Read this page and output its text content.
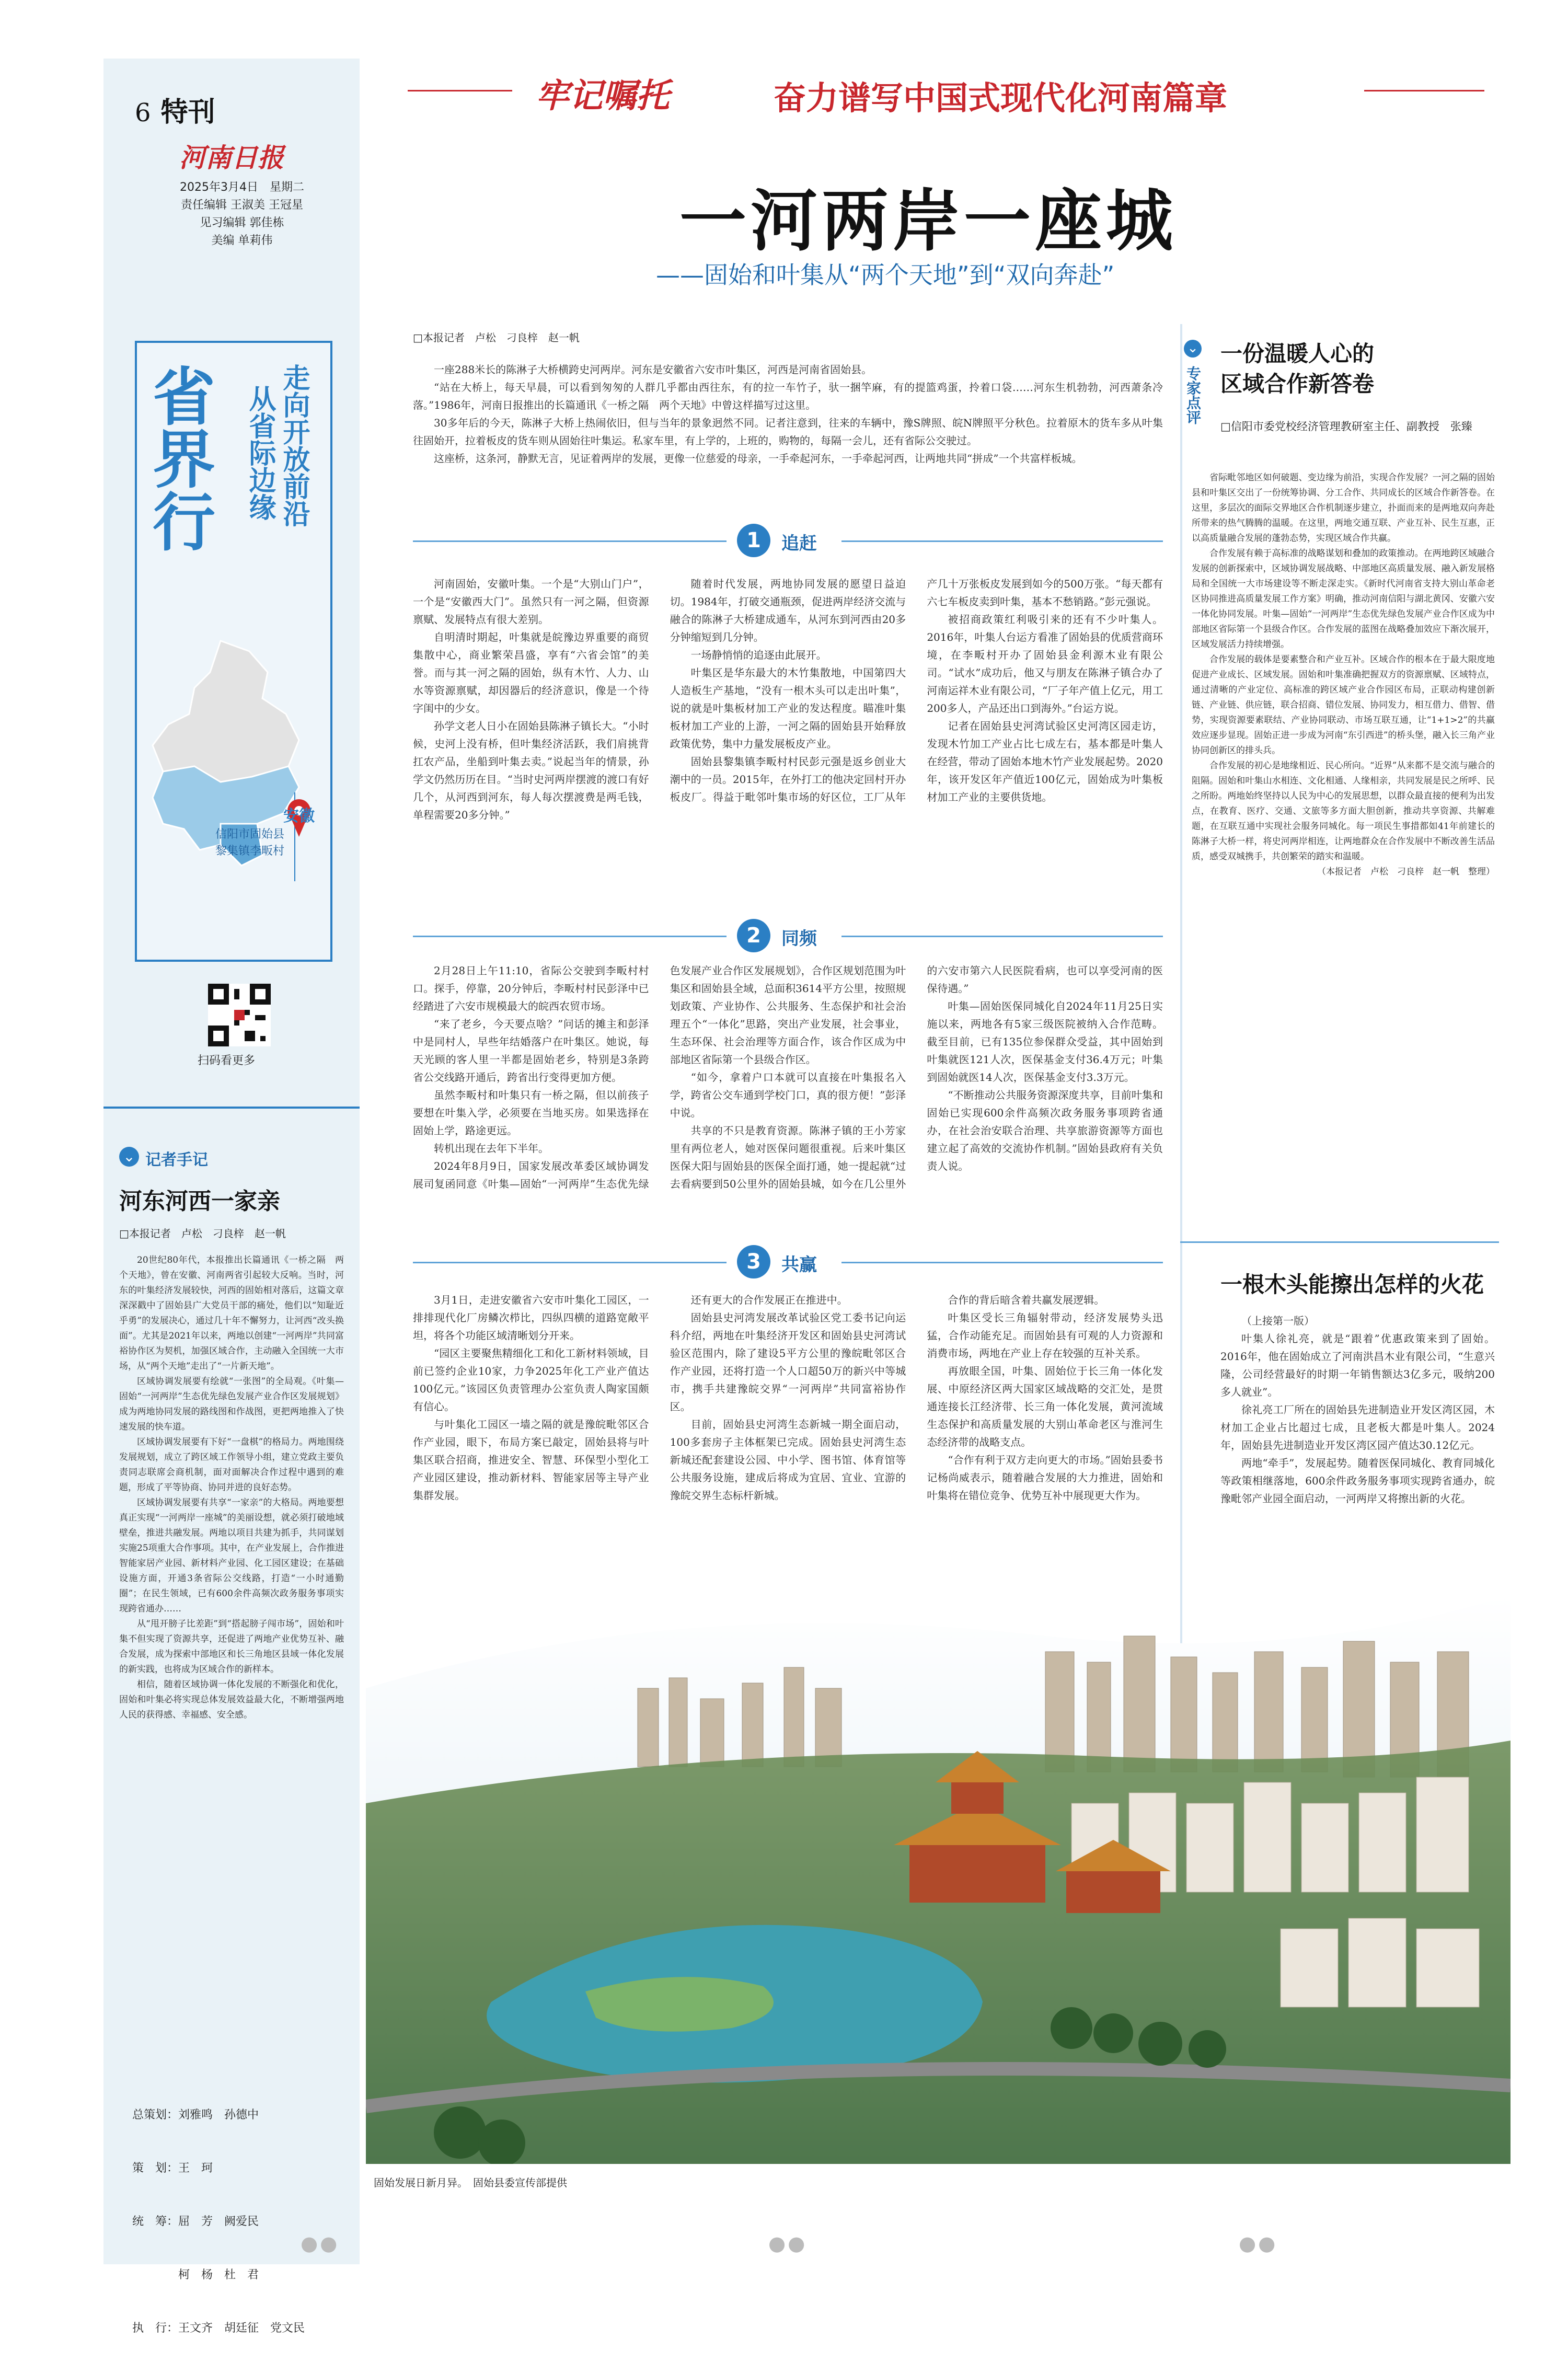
6 特刊
河南日报
2025年3月4日　星期二
责任编辑 王淑美 王冠星
见习编辑 郭佳栋
美编 单莉伟
省界行 走向开放前沿
从省际边缘
安徽
信阳市固始县
黎集镇李畈村
扫码看更多
⌄ 记者手记
河东河西一家亲
□本报记者　卢松　刁良梓　赵一帆

20世纪80年代，本报推出长篇通讯《一桥之隔　两个天地》，曾在安徽、河南两省引起较大反响。当时，河东的叶集经济发展较快，河西的固始相对落后，这篇文章深深戳中了固始县广大党员干部的痛处，他们以“知耻近乎勇”的发展决心，通过几十年不懈努力，让河西“改头换面”。尤其是2021年以来，两地以创建“一河两岸”共同富裕协作区为契机，加强区域合作，主动融入全国统一大市场，从“两个天地”走出了“一片新天地”。

区域协调发展要有绘就“一张图”的全局观。《叶集—固始“一河两岸”生态优先绿色发展产业合作区发展规划》成为两地协同发展的路线图和作战图，更把两地推入了快速发展的快车道。

区域协调发展要有下好“一盘棋”的格局力。两地围绕发展规划，成立了跨区域工作领导小组，建立党政主要负责同志联席会商机制，面对面解决合作过程中遇到的难题，形成了平等协商、协同并进的良好态势。

区域协调发展要有共享“一家亲”的大格局。两地要想真正实现“一河两岸一座城”的美丽设想，就必须打破地域壁垒，推进共融发展。两地以项目共建为抓手，共同谋划实施25项重大合作事项。其中，在产业发展上，合作推进智能家居产业园、新材料产业园、化工园区建设；在基础设施方面，开通3条省际公交线路，打造“一小时通勤圈”；在民生领域，已有600余件高频次政务服务事项实现跨省通办……

从“甩开膀子比差距”到“搭起膀子闯市场”，固始和叶集不但实现了资源共享，还促进了两地产业优势互补、融合发展，成为探索中部地区和长三角地区县域一体化发展的新实践，也将成为区域合作的新样本。

相信，随着区域协调一体化发展的不断强化和优化，固始和叶集必将实现总体发展效益最大化，不断增强两地人民的获得感、幸福感、安全感。

总策划：刘雅鸣　孙德中

策　划：王　珂

统　筹：屈　芳　阙爱民

　　　　柯　杨　杜　君

执　行：王文齐　胡廷征　党文民

牢记嘱托	奋力谱写中国式现代化河南篇章
一河两岸一座城
——固始和叶集从“两个天地”到“双向奔赴”
□本报记者　卢松　刁良梓　赵一帆

一座288米长的陈淋子大桥横跨史河两岸。河东是安徽省六安市叶集区，河西是河南省固始县。

“站在大桥上，每天早晨，可以看到匆匆的人群几乎都由西往东，有的拉一车竹子，驮一捆竿麻，有的提篮鸡蛋，拎着口袋……河东生机勃勃，河西萧条冷落。”1986年，河南日报推出的长篇通讯《一桥之隔　两个天地》中曾这样描写过这里。

30多年后的今天，陈淋子大桥上热闹依旧，但与当年的景象迥然不同。记者注意到，往来的车辆中，豫S牌照、皖N牌照平分秋色。拉着原木的货车多从叶集往固始开，拉着板皮的货车则从固始往叶集运。私家车里，有上学的，上班的，购物的，每隔一会儿，还有省际公交驶过。

这座桥，这条河，静默无言，见证着两岸的发展，更像一位慈爱的母亲，一手牵起河东，一手牵起河西，让两地共同“拼成”一个共富样板城。

1	追赶

河南固始，安徽叶集。一个是“大别山门户”，一个是“安徽西大门”。虽然只有一河之隔，但资源禀赋、发展特点有很大差别。

自明清时期起，叶集就是皖豫边界重要的商贸集散中心，商业繁荣昌盛，享有“六省会馆”的美誉。而与其一河之隔的固始，纵有木竹、人力、山水等资源禀赋，却因器后的经济意识，像是一个待字闺中的少女。

孙学文老人日小在固始县陈淋子镇长大。“小时候，史河上没有桥，但叶集经济活跃，我们肩挑背扛农产品，坐船到叶集去卖。”说起当年的情景，孙学文仍然历历在目。“当时史河两岸摆渡的渡口有好几个，从河西到河东，每人每次摆渡费是两毛钱，单程需要20多分钟。”

随着时代发展，两地协同发展的愿望日益迫切。1984年，打破交通瓶颈，促进两岸经济交流与融合的陈淋子大桥建成通车，从河东到河西由20多分钟缩短到几分钟。

一场静悄悄的追逐由此展开。

叶集区是华东最大的木竹集散地，中国第四大人造板生产基地，“没有一根木头可以走出叶集”，说的就是叶集板材加工产业的发达程度。瞄准叶集板材加工产业的上游，一河之隔的固始县开始释放政策优势，集中力量发展板皮产业。

固始县黎集镇李畈村村民彭元强是返乡创业大潮中的一员。2015年，在外打工的他决定回村开办板皮厂。得益于毗邻叶集市场的好区位，工厂从年产几十万张板皮发展到如今的500万张。“每天都有六七车板皮卖到叶集，基本不愁销路。”彭元强说。

被招商政策红利吸引来的还有不少叶集人。2016年，叶集人台运方看准了固始县的优质营商环境，在李畈村开办了固始县金利源木业有限公司。“试水”成功后，他又与朋友在陈淋子镇合办了河南运祥木业有限公司，“厂子年产值上亿元，用工200多人，产品还出口到海外。”台运方说。

记者在固始县史河湾试验区史河湾区园走访，发现木竹加工产业占比七成左右，基本都是叶集人在经营，带动了固始本地木竹产业发展起势。2020年，该开发区年产值近100亿元，固始成为叶集板材加工产业的主要供货地。

2	同频

2月28日上午11:10，省际公交驶到李畈村村口。探手，停靠，20分钟后，李畈村村民彭泽中已经踏进了六安市规模最大的皖西农贸市场。

“来了老乡，今天要点啥？”问话的摊主和彭泽中是同村人，早些年结婚落户在叶集区。她说，每天光顾的客人里一半都是固始老乡，特别是3条跨省公交线路开通后，跨省出行变得更加方便。

虽然李畈村和叶集只有一桥之隔，但以前孩子要想在叶集入学，必须要在当地买房。如果选择在固始上学，路途更远。

转机出现在去年下半年。

2024年8月9日，国家发展改革委区域协调发展司复函同意《叶集—固始“一河两岸”生态优先绿色发展产业合作区发展规划》，合作区规划范围为叶集区和固始县全域，总面积3614平方公里，按照规划政策、产业协作、公共服务、生态保护和社会治理五个“一体化”思路，突出产业发展，社会事业，生态环保、社会治理等方面合作，该合作区成为中部地区省际第一个县级合作区。

“如今，拿着户口本就可以直接在叶集报名入学，跨省公交车通到学校门口，真的很方便！”彭泽中说。

共享的不只是教育资源。陈淋子镇的王小芳家里有两位老人，她对医保问题很重视。后来叶集区医保大阳与固始县的医保全面打通，她一提起就“过去看病要到50公里外的固始县城，如今在几公里外的六安市第六人民医院看病，也可以享受河南的医保待遇。”

叶集—固始医保同城化自2024年11月25日实施以来，两地各有5家三级医院被纳入合作范畴。截至目前，已有135位参保群众受益，其中固始到叶集就医121人次，医保基金支付36.4万元；叶集到固始就医14人次，医保基金支付3.3万元。

“不断推动公共服务资源深度共享，目前叶集和固始已实现600余件高频次政务服务事项跨省通办，在社会治安联合治理、共享旅游资源等方面也建立起了高效的交流协作机制。”固始县政府有关负责人说。

3	共赢

3月1日，走进安徽省六安市叶集化工园区，一排排现代化厂房鳞次栉比，四纵四横的道路宽敞平坦，将各个功能区域清晰划分开来。

“园区主要聚焦精细化工和化工新材料领域，目前已签约企业10家，力争2025年化工产业产值达100亿元。”该园区负责管理办公室负责人陶家国颇有信心。

与叶集化工园区一墙之隔的就是豫皖毗邻区合作产业园，眼下，布局方案已敲定，固始县将与叶集区联合招商，推进安全、智慧、环保型小型化工产业园区建设，推动新材料、智能家居等主导产业集群发展。

还有更大的合作发展正在推进中。

固始县史河湾发展改革试验区党工委书记向运科介绍，两地在叶集经济开发区和固始县史河湾试验区范围内，除了建设5平方公里的豫皖毗邻区合作产业园，还将打造一个人口超50万的新兴中等城市，携手共建豫皖交界“一河两岸”共同富裕协作区。

目前，固始县史河湾生态新城一期全面启动，100多套房子主体框架已完成。固始县史河湾生态新城还配套建设公园、中小学、图书馆、体育馆等公共服务设施，建成后将成为宜居、宜业、宜游的豫皖交界生态标杆新城。

合作的背后暗含着共赢发展逻辑。

叶集区受长三角辐射带动，经济发展势头迅猛，合作动能充足。而固始县有可观的人力资源和消费市场，两地在产业上存在较强的互补关系。

再放眼全国，叶集、固始位于长三角一体化发展、中原经济区两大国家区域战略的交汇处，是贯通连接长江经济带、长三角一体化发展，黄河流域生态保护和高质量发展的大别山革命老区与淮河生态经济带的战略支点。

“合作有利于双方走向更大的市场。”固始县委书记杨尚威表示，随着融合发展的大力推进，固始和叶集将在错位竞争、优势互补中展现更大作为。

⌄
专家点评
一份温暖人心的
区域合作新答卷
□信阳市委党校经济管理教研室主任、副教授　张臻

省际毗邻地区如何破题、变边缘为前沿，实现合作发展？一河之隔的固始县和叶集区交出了一份统筹协调、分工合作、共同成长的区域合作新答卷。在这里，多层次的面际交界地区合作机制逐步建立，扑面而来的是两地双向奔赴所带来的热气腾腾的温暖。在这里，两地交通互联、产业互补、民生互惠，正以高质量融合发展的蓬勃态势，实现区域合作共赢。

合作发展有赖于高标准的战略谋划和叠加的政策推动。在两地跨区域融合发展的创新探索中，区域协调发展战略、中部地区高质量发展、融入新发展格局和全国统一大市场建设等不断走深走实。《新时代河南省支持大别山革命老区协同推进高质量发展工作方案》明确，推动河南信阳与湖北黄冈、安徽六安一体化协同发展。叶集—固始“一河两岸”生态优先绿色发展产业合作区成为中部地区省际第一个县级合作区。合作发展的蓝图在战略叠加效应下渐次展开，区域发展活力持续增强。

合作发展的载体是要素整合和产业互补。区域合作的根本在于最大限度地促进产业成长、区域发展。固始和叶集准确把握双方的资源禀赋、区域特点，通过清晰的产业定位、高标准的跨区域产业合作园区布局，正联动构建创新链、产业链、供应链，联合招商、错位发展、协同发力，相互借力、借智、借势，实现资源要素联结、产业协同联动、市场互联互通，让“1+1>2”的共赢效应逐步显现。固始正进一步成为河南“东引西进”的桥头堡，融入长三角产业协同创新区的排头兵。

合作发展的初心是地缘相近、民心所向。“近界”从来都不是交流与融合的阻隔。固始和叶集山水相连、文化相通、人缘相亲，共同发展是民之所呼、民之所盼。两地始终坚持以人民为中心的发展思想，以群众最直接的便利为出发点，在教育、医疗、交通、文旅等多方面大胆创新，推动共享资源、共解难题，在互联互通中实现社会服务同城化。每一项民生事措都如41年前建长的陈淋子大桥一样，将史河两岸相连，让两地群众在合作发展中不断改善生活品质，感受双城携手，共创繁荣的踏实和温暖。

（本报记者　卢松　刁良梓　赵一帆　整理）

一根木头能擦出怎样的火花

（上接第一版）

叶集人徐礼亮，就是“跟着”优惠政策来到了固始。2016年，他在固始成立了河南洪昌木业有限公司，“生意兴隆，公司经营最好的时期一年销售额达3亿多元，吸纳200多人就业”。

徐礼亮工厂所在的固始县先进制造业开发区湾区园，木材加工企业占比超过七成，且老板大都是叶集人。2024年，固始县先进制造业开发区湾区园产值达30.12亿元。

两地“牵手”，发展起势。随着医保同城化、教育同城化等政策相继落地，600余件政务服务事项实现跨省通办，皖豫毗邻产业园全面启动，一河两岸又将擦出新的火花。

固始发展日新月异。　固始县委宣传部提供
●●	●●	●●
